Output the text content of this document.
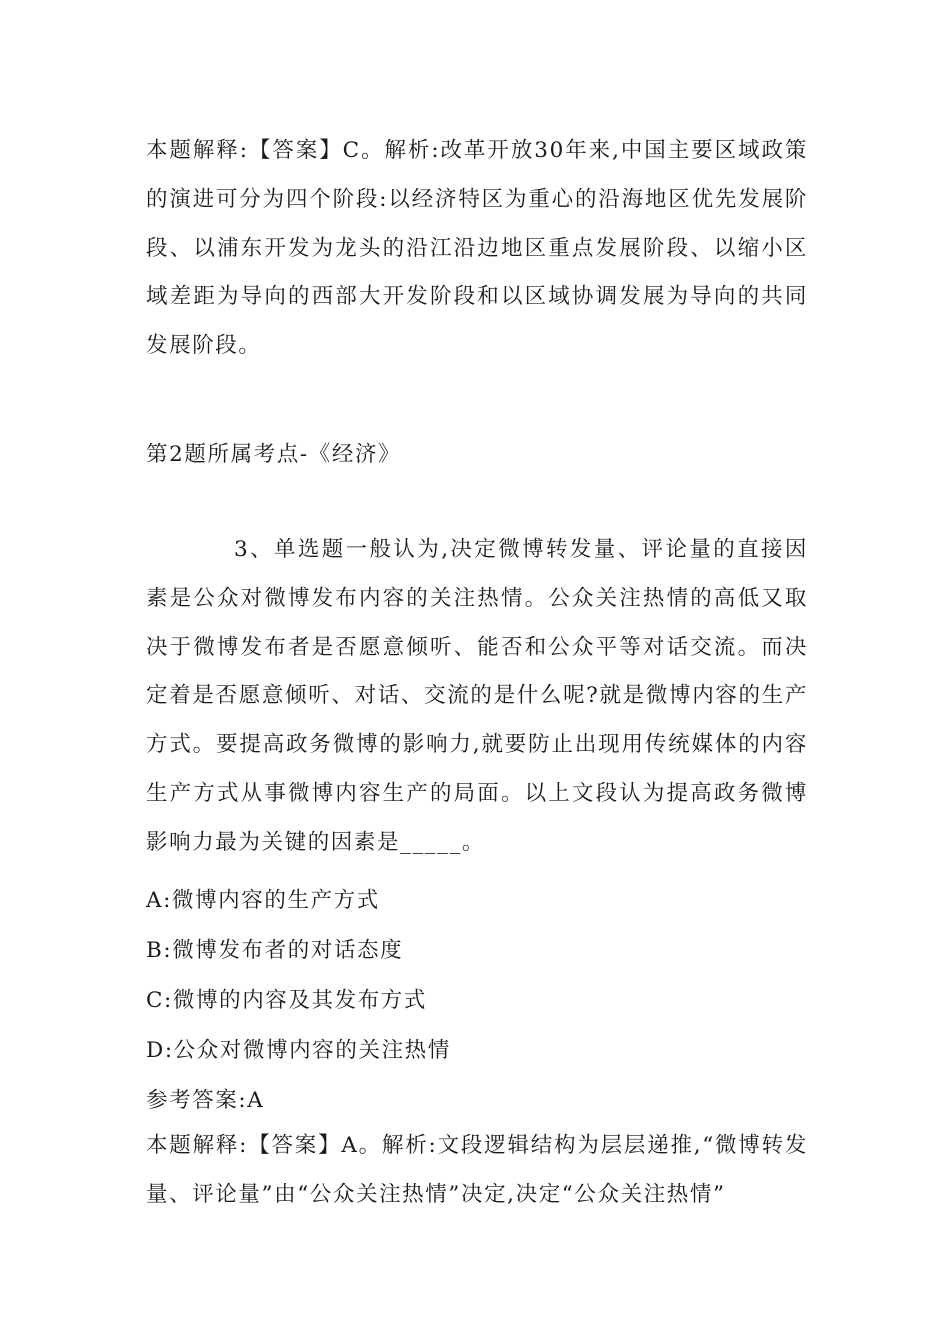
本题解释:【答案】C。解析:改革开放30年来,中国主要区域政策的演进可分为四个阶段:以经济特区为重心的沿海地区优先发展阶段、以浦东开发为龙头的沿江沿边地区重点发展阶段、以缩小区域差距为导向的西部大开发阶段和以区域协调发展为导向的共同发展阶段。
第2题所属考点-《经济》
3、单选题一般认为,决定微博转发量、评论量的直接因素是公众对微博发布内容的关注热情。公众关注热情的高低又取决于微博发布者是否愿意倾听、能否和公众平等对话交流。而决定着是否愿意倾听、对话、交流的是什么呢?就是微博内容的生产方式。要提高政务微博的影响力,就要防止出现用传统媒体的内容生产方式从事微博内容生产的局面。以上文段认为提高政务微博影响力最为关键的因素是_____。
A:微博内容的生产方式
B:微博发布者的对话态度
C:微博的内容及其发布方式
D:公众对微博内容的关注热情
参考答案:A
本题解释:【答案】A。解析:文段逻辑结构为层层递推,“微博转发量、评论量”由“公众关注热情”决定,决定“公众关注热情”
